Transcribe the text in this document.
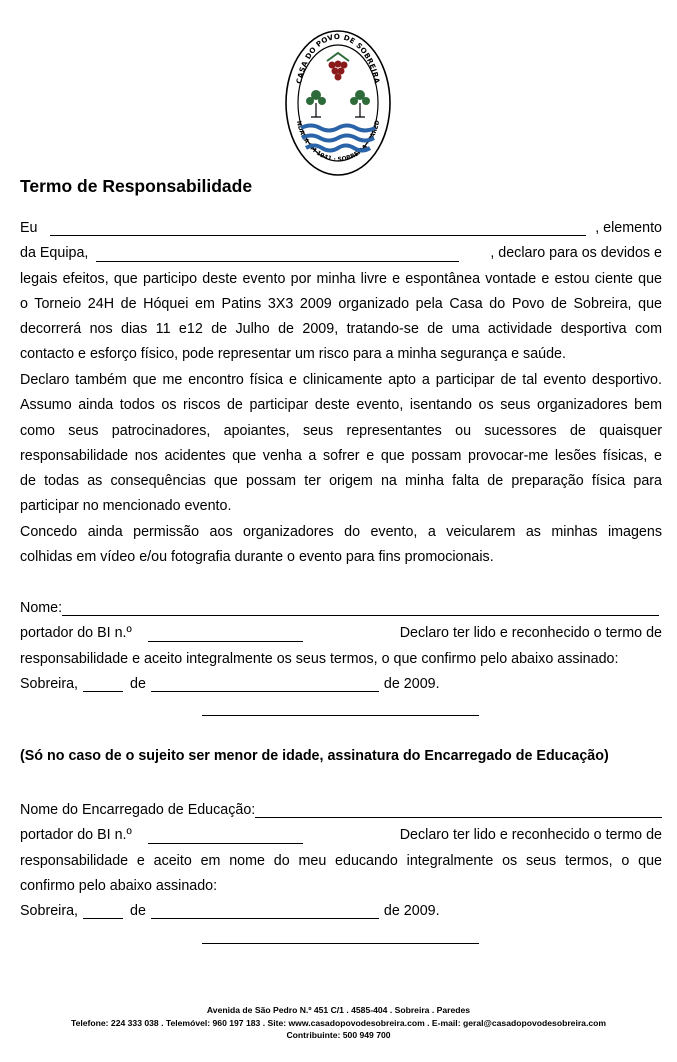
CASA DO POVO DE SOBREIRA
NDADA EM 1941 · SOBREIRA · PARED
Termo de Responsabilidade
Eu	, elemento
da Equipa,	, declaro para os devidos e
legais efeitos, que participo deste evento por minha livre e espontânea vontade e estou ciente que
o Torneio 24H de Hóquei em Patins 3X3 2009 organizado pela Casa do Povo de Sobreira, que
decorrerá nos dias 11 e12 de Julho de 2009, tratando-se de uma actividade desportiva com
contacto e esforço físico, pode representar um risco para a minha segurança e saúde.
Declaro também que me encontro física e clinicamente apto a participar de tal evento desportivo.
Assumo ainda todos os riscos de participar deste evento, isentando os seus organizadores bem
como seus patrocinadores, apoiantes, seus representantes ou sucessores de quaisquer
responsabilidade nos acidentes que venha a sofrer e que possam provocar-me lesões físicas, e
de todas as consequências que possam ter origem na minha falta de preparação física para
participar no mencionado evento.
Concedo ainda permissão aos organizadores do evento, a veicularem as minhas imagens
colhidas em vídeo e/ou fotografia durante o evento para fins promocionais.
Nome:
portador do BI n.º	Declaro ter lido e reconhecido o termo de
responsabilidade e aceito integralmente os seus termos, o que confirmo pelo abaixo assinado:
Sobreira,	de	de 2009.
(Só no caso de o sujeito ser menor de idade, assinatura do Encarregado de Educação)
Nome do Encarregado de Educação:
portador do BI n.º	Declaro ter lido e reconhecido o termo de
responsabilidade e aceito em nome do meu educando integralmente os seus termos, o que
confirmo pelo abaixo assinado:
Sobreira,	de	de 2009.
Avenida de São Pedro N.º 451 C/1 . 4585-404 . Sobreira . Paredes
Telefone: 224 333 038 . Telemóvel: 960 197 183 . Site: www.casadopovodesobreira.com . E-mail: geral@casadopovodesobreira.com
Contribuinte: 500 949 700
